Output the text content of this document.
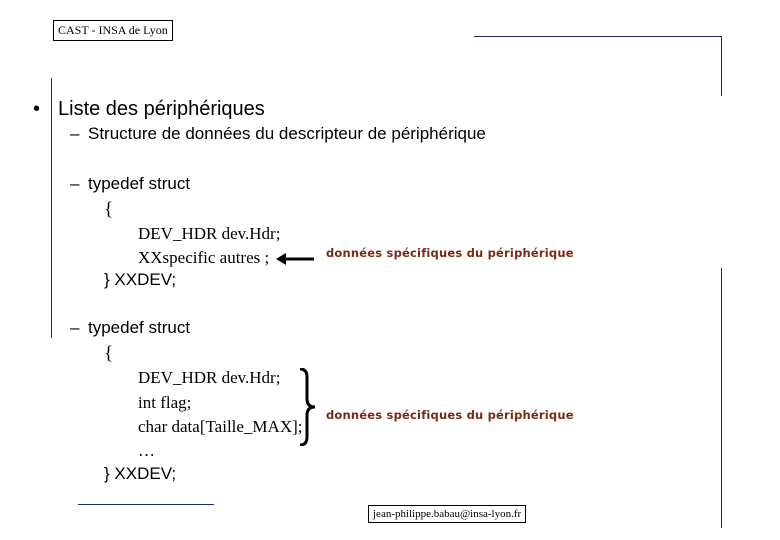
CAST - INSA de Lyon
• Liste des périphériques
– Structure de données du descripteur de périphérique
– typedef struct
{
DEV_HDR dev.Hdr;
XXspecific autres ;
} XXDEV;
données spécifiques du périphérique
– typedef struct
{
DEV_HDR dev.Hdr;
int flag;
char data[Taille_MAX];
…
} XXDEV;
données spécifiques du périphérique
jean-philippe.babau@insa-lyon.fr
